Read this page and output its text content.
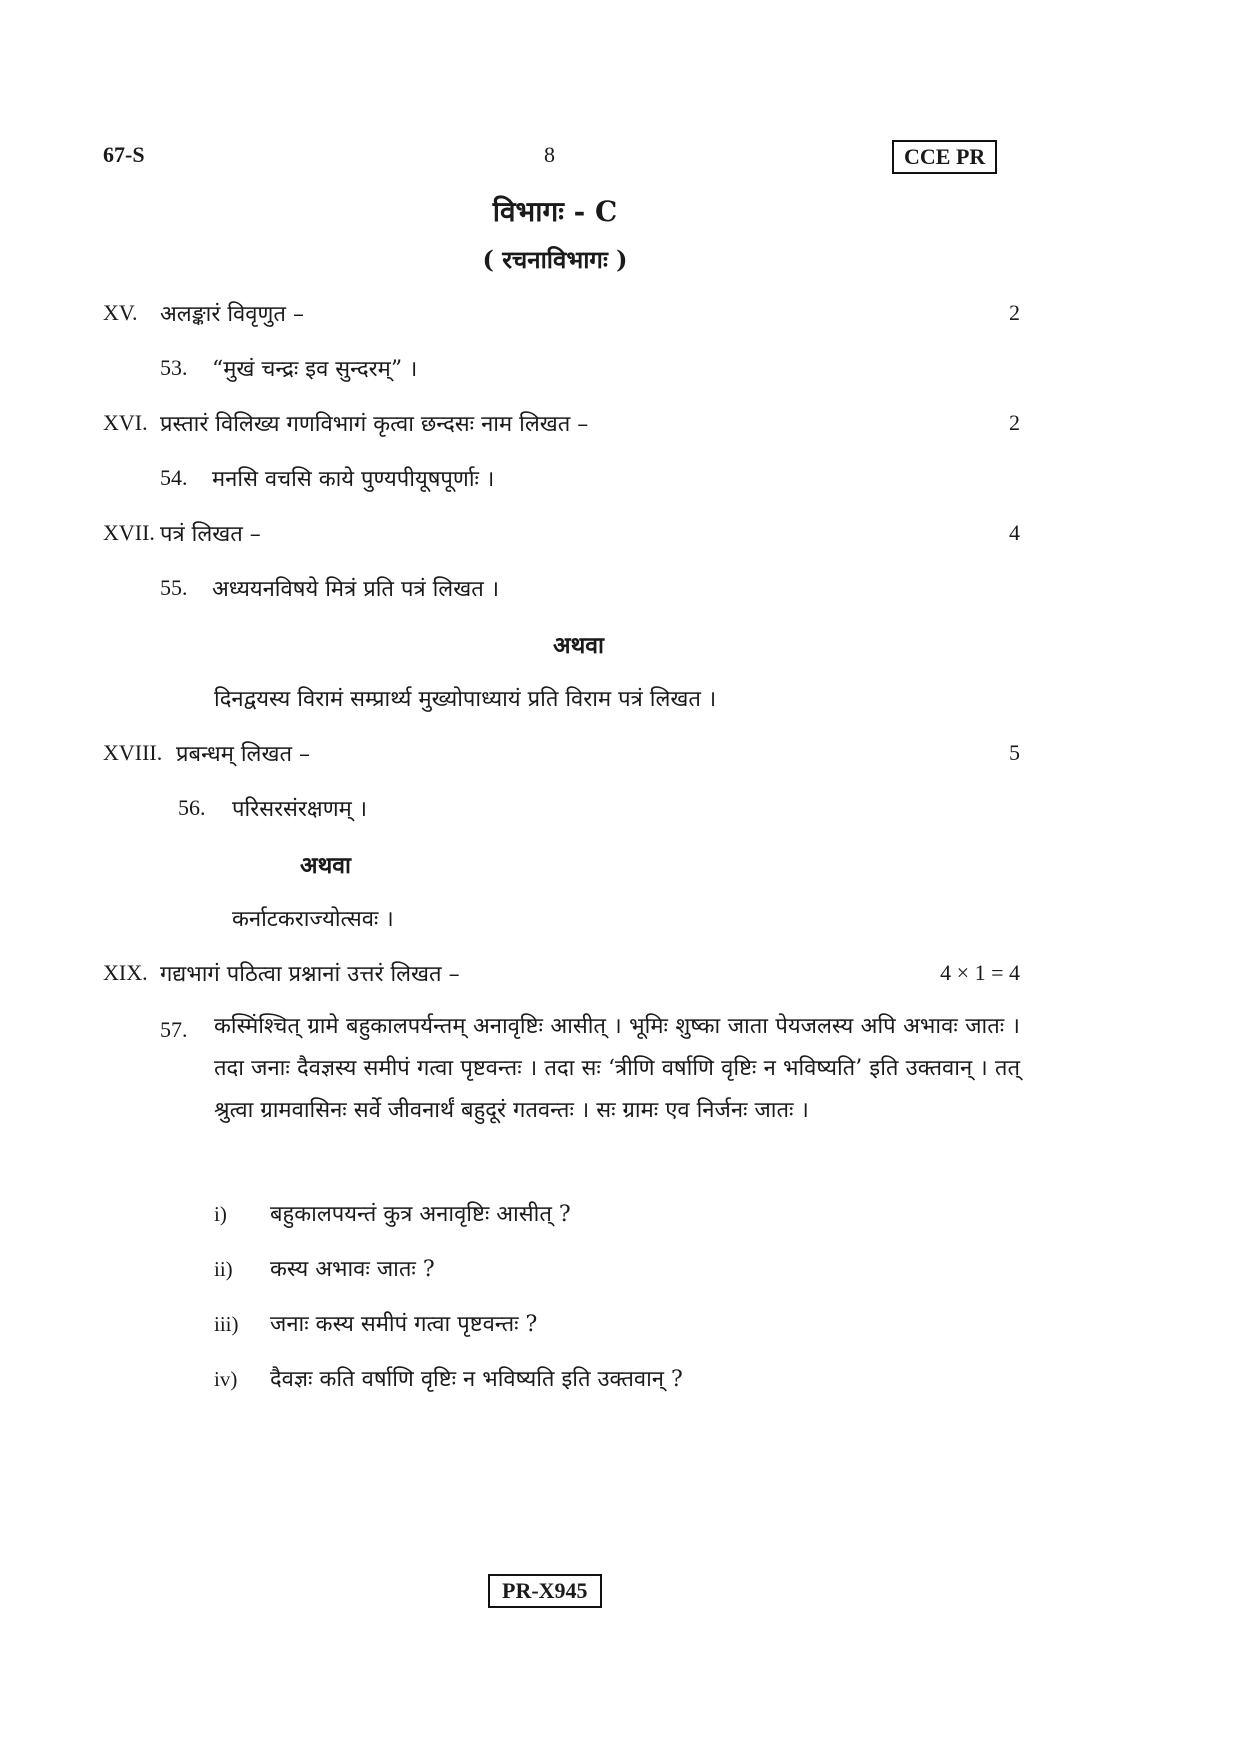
67-S	8	CCE PR
विभागः - C
( रचनाविभागः )
XV. अलङ्कारं विवृणुत –	2
53. “मुखं चन्द्रः इव सुन्दरम्” ।
XVI. प्रस्तारं विलिख्य गणविभागं कृत्वा छन्दसः नाम लिखत –	2
54. मनसि वचसि काये पुण्यपीयूषपूर्णाः ।
XVII. पत्रं लिखत –	4
55. अध्ययनविषये मित्रं प्रति पत्रं लिखत ।
अथवा
दिनद्वयस्य विरामं सम्प्रार्थ्य मुख्योपाध्यायं प्रति विराम पत्रं लिखत ।
XVIII. प्रबन्धम् लिखत –	5
56. परिसरसंरक्षणम् ।
अथवा
कर्नाटकराज्योत्सवः ।
XIX. गद्यभागं पठित्वा प्रश्नानां उत्तरं लिखत –	4 × 1 = 4
57. कस्मिंश्चित् ग्रामे बहुकालपर्यन्तम् अनावृष्टिः आसीत् । भूमिः शुष्का जाता पेयजलस्य अपि अभावः जातः । तदा जनाः दैवज्ञस्य समीपं गत्वा पृष्टवन्तः । तदा सः ‘त्रीणि वर्षाणि वृष्टिः न भविष्यति’ इति उक्तवान् । तत् श्रुत्वा ग्रामवासिनः सर्वे जीवनार्थं बहुदूरं गतवन्तः । सः ग्रामः एव निर्जनः जातः ।
i) बहुकालपयन्तं कुत्र अनावृष्टिः आसीत् ?
ii) कस्य अभावः जातः ?
iii) जनाः कस्य समीपं गत्वा पृष्टवन्तः ?
iv) दैवज्ञः कति वर्षाणि वृष्टिः न भविष्यति इति उक्तवान् ?
PR-X945
